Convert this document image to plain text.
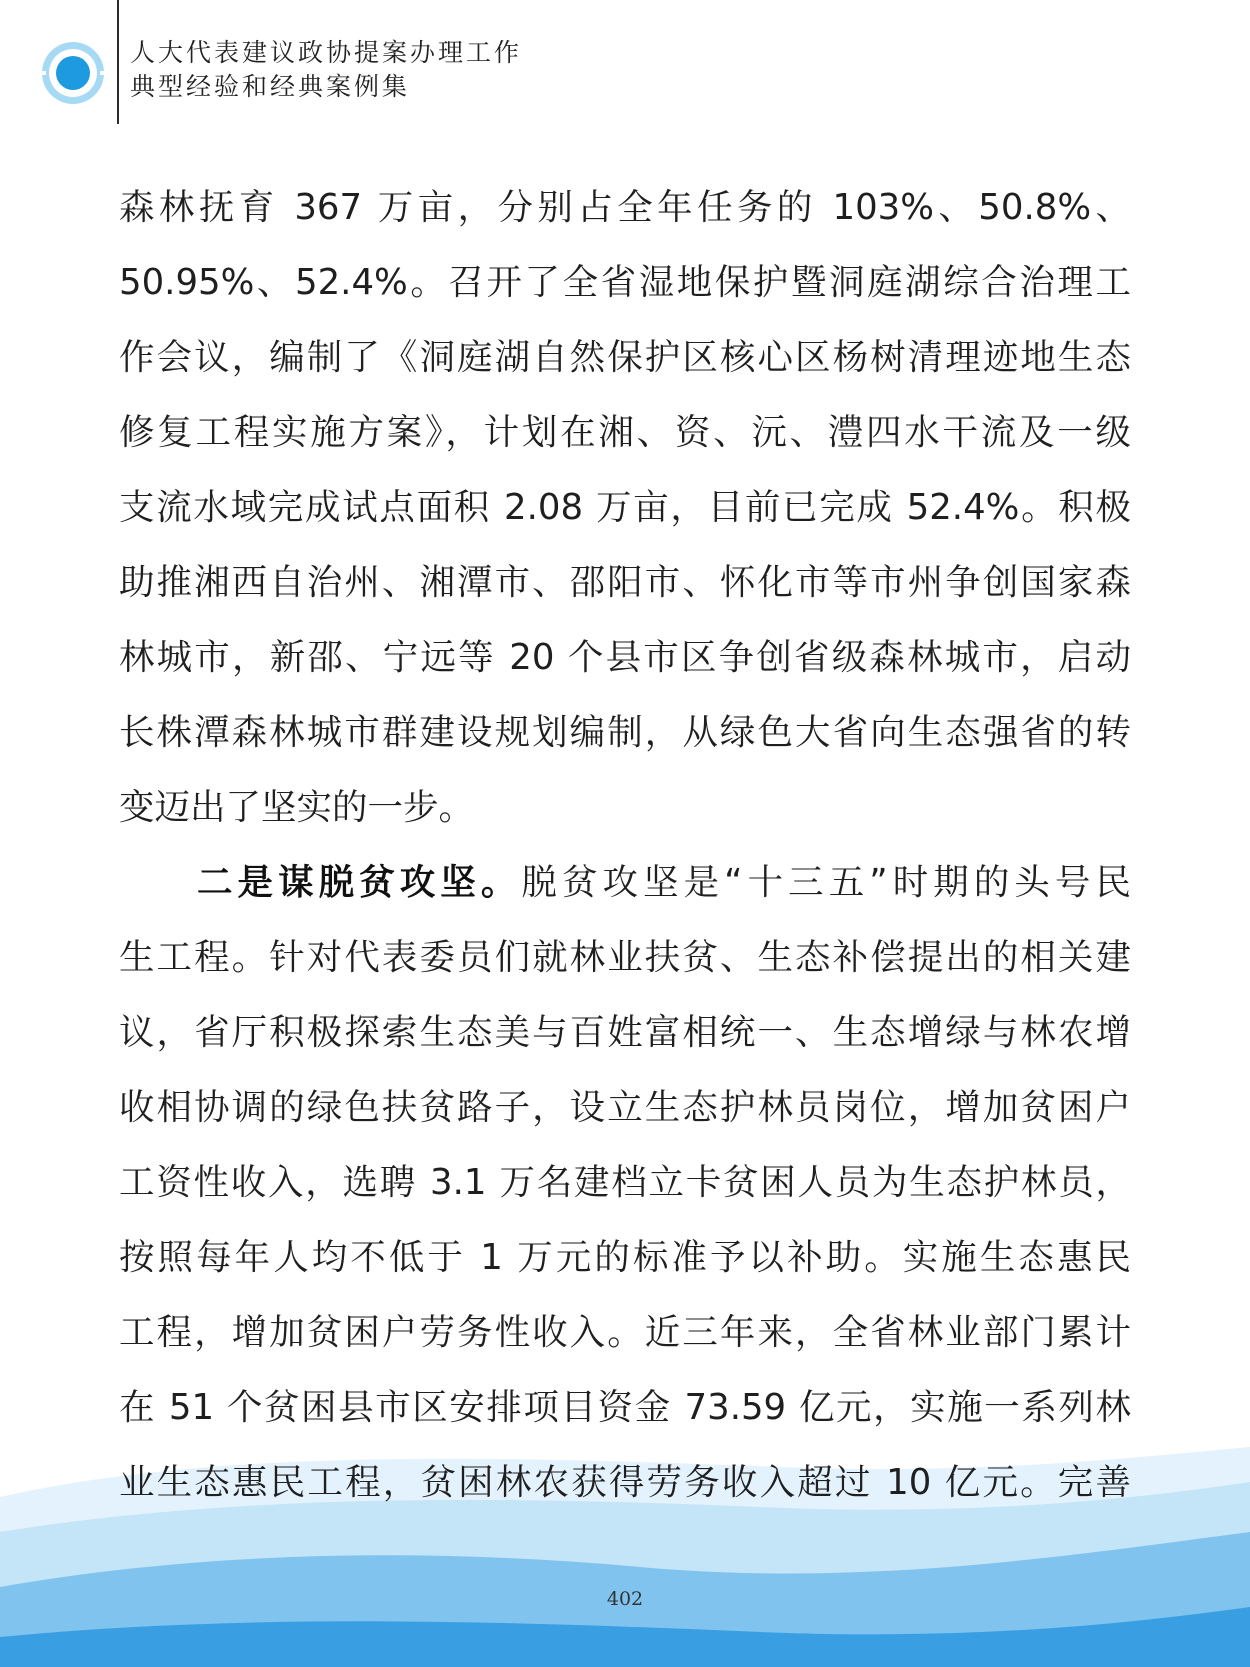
人大代表建议政协提案办理工作
典型经验和经典案例集
森林抚育 367 万亩，分别占全年任务的 103%、50.8%、
50.95%、52.4%。召开了全省湿地保护暨洞庭湖综合治理工
作会议，编制了《洞庭湖自然保护区核心区杨树清理迹地生态
修复工程实施方案》，计划在湘、资、沅、澧四水干流及一级
支流水域完成试点面积 2.08 万亩，目前已完成 52.4%。积极
助推湘西自治州、湘潭市、邵阳市、怀化市等市州争创国家森
林城市，新邵、宁远等 20 个县市区争创省级森林城市，启动
长株潭森林城市群建设规划编制，从绿色大省向生态强省的转
变迈出了坚实的一步。
二是谋脱贫攻坚。脱贫攻坚是“十三五”时期的头号民
生工程。针对代表委员们就林业扶贫、生态补偿提出的相关建
议，省厅积极探索生态美与百姓富相统一、生态增绿与林农增
收相协调的绿色扶贫路子，设立生态护林员岗位，增加贫困户
工资性收入，选聘 3.1 万名建档立卡贫困人员为生态护林员，
按照每年人均不低于 1 万元的标准予以补助。实施生态惠民
工程，增加贫困户劳务性收入。近三年来，全省林业部门累计
在 51 个贫困县市区安排项目资金 73.59 亿元，实施一系列林
业生态惠民工程，贫困林农获得劳务收入超过 10 亿元。完善
402
